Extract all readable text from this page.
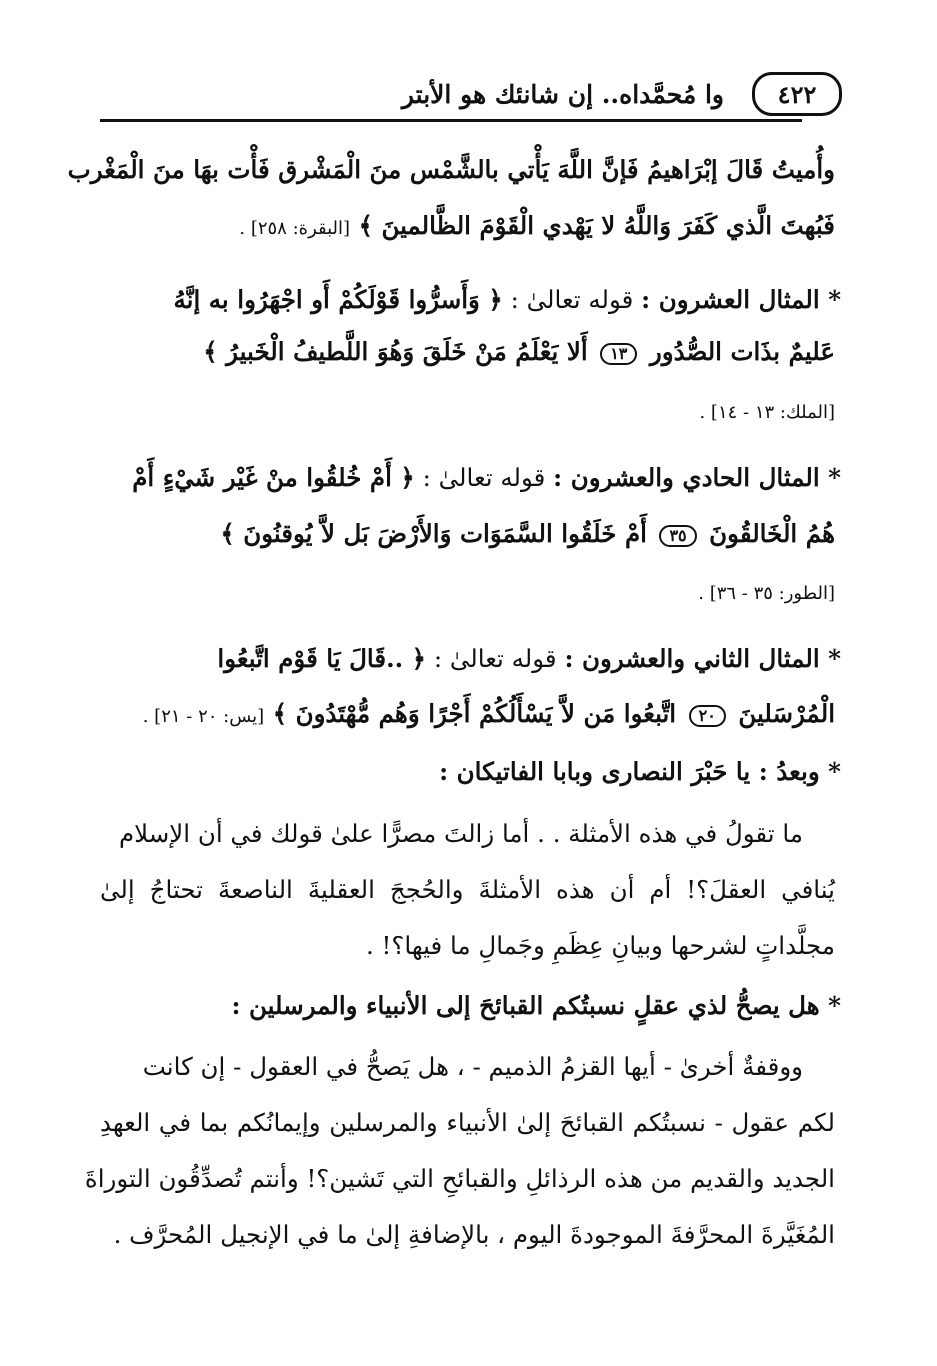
٤٢٢
وا مُحمَّداه.. إن شانئك هو الأبتر
وأُميتُ قَالَ إبْرَاهيمُ فَإنَّ اللَّهَ يَأْتي بالشَّمْس منَ الْمَشْرق فَأْت بهَا منَ الْمَغْرب
فَبُهتَ الَّذي كَفَرَ وَاللَّهُ لا يَهْدي الْقَوْمَ الظَّالمينَ ﴾ [البقرة: ٢٥٨] .
* المثال العشرون : قوله تعالىٰ : ﴿ وَأَسرُّوا قَوْلَكُمْ أَو اجْهَرُوا به إنَّهُ
عَليمٌ بذَات الصُّدُور ١٣ أَلا يَعْلَمُ مَنْ خَلَقَ وَهُوَ اللَّطيفُ الْخَبيرُ ﴾
[الملك: ١٣ - ١٤] .
* المثال الحادي والعشرون : قوله تعالىٰ : ﴿ أَمْ خُلقُوا منْ غَيْر شَيْءٍ أَمْ
هُمُ الْخَالقُونَ ٣٥ أَمْ خَلَقُوا السَّمَوَات وَالأَرْضَ بَل لاَّ يُوقنُونَ ﴾
[الطور: ٣٥ - ٣٦] .
* المثال الثاني والعشرون : قوله تعالىٰ : ﴿ ..قَالَ يَا قَوْم اتَّبعُوا
الْمُرْسَلينَ ٢٠ اتَّبعُوا مَن لاَّ يَسْأَلُكُمْ أَجْرًا وَهُم مُّهْتَدُونَ ﴾ [يس: ٢٠ - ٢١] .
* وبعدُ : يا حَبْرَ النصارى وبابا الفاتيكان :
ما تقولُ في هذه الأمثلة . . أما زالتَ مصرًّا علىٰ قولك في أن الإسلام
يُنافي العقلَ؟! أم أن هذه الأمثلةَ والحُججَ العقليةَ الناصعةَ تحتاجُ إلىٰ
مجلَّداتٍ لشرحها وبيانِ عِظَمِ وجَمالِ ما فيها؟! .
* هل يصحُّ لذي عقلٍ نسبتُكم القبائحَ إلى الأنبياء والمرسلين :
ووقفةٌ أخرىٰ - أيها القزمُ الذميم - ، هل يَصحُّ في العقول - إن كانت
لكم عقول - نسبتُكم القبائحَ إلىٰ الأنبياء والمرسلين وإيمانُكم بما في العهدِ
الجديد والقديم من هذه الرذائلِ والقبائحِ التي تَشين؟! وأنتم تُصدِّقُون التوراةَ
المُغَيَّرةَ المحرَّفةَ الموجودةَ اليوم ، بالإضافةِ إلىٰ ما في الإنجيل المُحرَّف .
